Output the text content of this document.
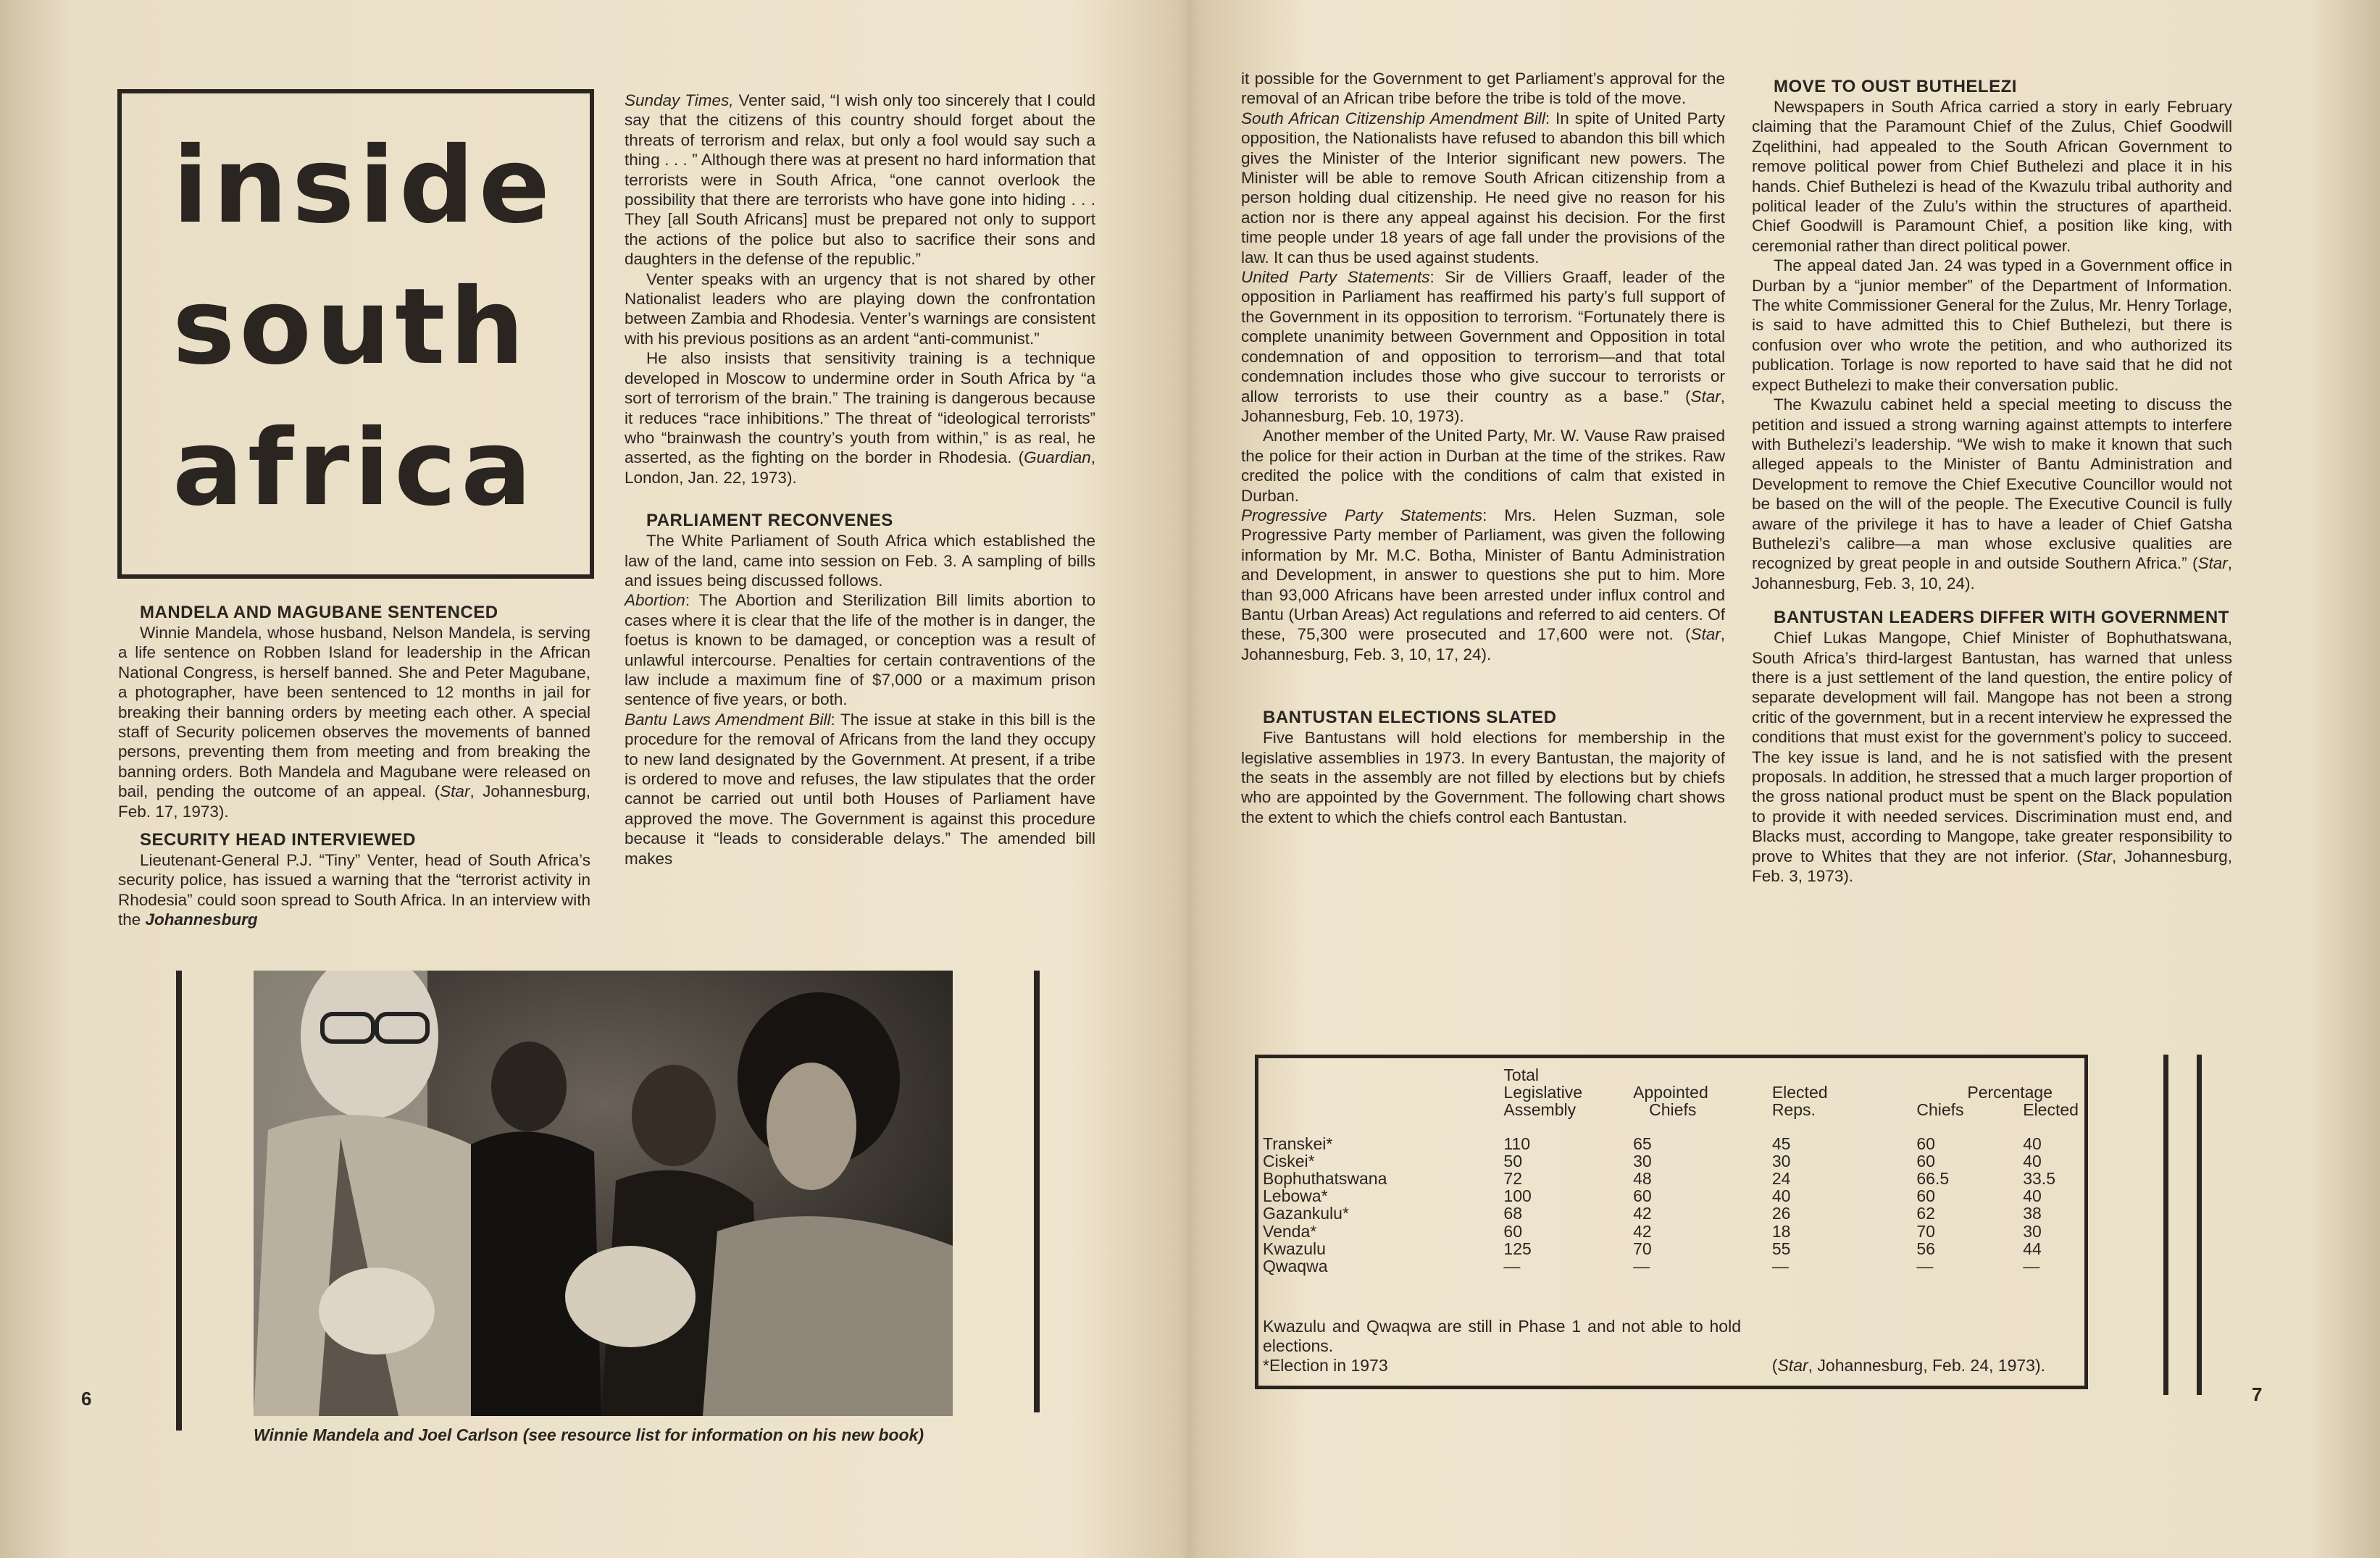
inside
south
africa

MANDELA AND MAGUBANE SENTENCED

Winnie Mandela, whose husband, Nelson Mandela, is serving a life sentence on Robben Island for leadership in the African National Congress, is herself banned. She and Peter Magubane, a photographer, have been sentenced to 12 months in jail for breaking their banning orders by meeting each other. A special staff of Security policemen observes the movements of banned persons, preventing them from meeting and from breaking the banning orders. Both Mandela and Magubane were released on bail, pending the outcome of an appeal. (Star, Johannesburg, Feb. 17, 1973).

SECURITY HEAD INTERVIEWED

Lieutenant-General P.J. “Tiny” Venter, head of South Africa’s security police, has issued a warning that the “terrorist activity in Rhodesia” could soon spread to South Africa. In an interview with the Johannesburg

Sunday Times, Venter said, “I wish only too sincerely that I could say that the citizens of this country should forget about the threats of terrorism and relax, but only a fool would say such a thing . . . ” Although there was at present no hard information that terrorists were in South Africa, “one cannot overlook the possibility that there are terrorists who have gone into hiding . . . They [all South Africans] must be prepared not only to support the actions of the police but also to sacrifice their sons and daughters in the defense of the republic.”

Venter speaks with an urgency that is not shared by other Nationalist leaders who are playing down the confrontation between Zambia and Rhodesia. Venter’s warnings are consistent with his previous positions as an ardent “anti-communist.”

He also insists that sensitivity training is a technique developed in Moscow to undermine order in South Africa by “a sort of terrorism of the brain.” The training is dangerous because it reduces “race inhibitions.” The threat of “ideological terrorists” who “brainwash the country’s youth from within,” is as real, he asserted, as the fighting on the border in Rhodesia. (Guardian, London, Jan. 22, 1973).

PARLIAMENT RECONVENES

The White Parliament of South Africa which established the law of the land, came into session on Feb. 3. A sampling of bills and issues being discussed follows.

Abortion: The Abortion and Sterilization Bill limits abortion to cases where it is clear that the life of the mother is in danger, the foetus is known to be damaged, or conception was a result of unlawful intercourse. Penalties for certain contraventions of the law include a maximum fine of $7,000 or a maximum prison sentence of five years, or both.

Bantu Laws Amendment Bill: The issue at stake in this bill is the procedure for the removal of Africans from the land they occupy to new land designated by the Government. At present, if a tribe is ordered to move and refuses, the law stipulates that the order cannot be carried out until both Houses of Parliament have approved the move. The Government is against this procedure because it “leads to considerable delays.” The amended bill makes

Winnie Mandela and Joel Carlson (see resource list for information on his new book)
6

it possible for the Government to get Parliament’s approval for the removal of an African tribe before the tribe is told of the move.

South African Citizenship Amendment Bill: In spite of United Party opposition, the Nationalists have refused to abandon this bill which gives the Minister of the Interior significant new powers. The Minister will be able to remove South African citizenship from a person holding dual citizenship. He need give no reason for his action nor is there any appeal against his decision. For the first time people under 18 years of age fall under the provisions of the law. It can thus be used against students.

United Party Statements: Sir de Villiers Graaff, leader of the opposition in Parliament has reaffirmed his party’s full support of the Government in its opposition to terrorism. “Fortunately there is complete unanimity between Government and Opposition in total condemnation of and opposition to terrorism—and that total condemnation includes those who give succour to terrorists or allow terrorists to use their country as a base.” (Star, Johannesburg, Feb. 10, 1973).

Another member of the United Party, Mr. W. Vause Raw praised the police for their action in Durban at the time of the strikes. Raw credited the police with the conditions of calm that existed in Durban.

Progressive Party Statements: Mrs. Helen Suzman, sole Progressive Party member of Parliament, was given the following information by Mr. M.C. Botha, Minister of Bantu Administration and Development, in answer to questions she put to him. More than 93,000 Africans have been arrested under influx control and Bantu (Urban Areas) Act regulations and referred to aid centers. Of these, 75,300 were prosecuted and 17,600 were not. (Star, Johannesburg, Feb. 3, 10, 17, 24).

BANTUSTAN ELECTIONS SLATED

Five Bantustans will hold elections for membership in the legislative assemblies in 1973. In every Bantustan, the majority of the seats in the assembly are not filled by elections but by chiefs who are appointed by the Government. The following chart shows the extent to which the chiefs control each Bantustan.

MOVE TO OUST BUTHELEZI

Newspapers in South Africa carried a story in early February claiming that the Paramount Chief of the Zulus, Chief Goodwill Zqelithini, had appealed to the South African Government to remove political power from Chief Buthelezi and place it in his hands. Chief Buthelezi is head of the Kwazulu tribal authority and political leader of the Zulu’s within the structures of apartheid. Chief Goodwill is Paramount Chief, a position like king, with ceremonial rather than direct political power.

The appeal dated Jan. 24 was typed in a Government office in Durban by a “junior member” of the Department of Information. The white Commissioner General for the Zulus, Mr. Henry Torlage, is said to have admitted this to Chief Buthelezi, but there is confusion over who wrote the petition, and who authorized its publication. Torlage is now reported to have said that he did not expect Buthelezi to make their conversation public.

The Kwazulu cabinet held a special meeting to discuss the petition and issued a strong warning against attempts to interfere with Buthelezi’s leadership. “We wish to make it known that such alleged appeals to the Minister of Bantu Administration and Development to remove the Chief Executive Councillor would not be based on the will of the people. The Executive Council is fully aware of the privilege it has to have a leader of Chief Gatsha Buthelezi’s calibre—a man whose exclusive qualities are recognized by great people in and outside Southern Africa.” (Star, Johannesburg, Feb. 3, 10, 24).

BANTUSTAN LEADERS DIFFER WITH GOVERNMENT

Chief Lukas Mangope, Chief Minister of Bophuthatswana, South Africa’s third-largest Bantustan, has warned that unless there is a just settlement of the land question, the entire policy of separate development will fail. Mangope has not been a strong critic of the government, but in a recent interview he expressed the conditions that must exist for the government’s policy to succeed. The key issue is land, and he is not satisfied with the present proposals. In addition, he stressed that a much larger proportion of the gross national product must be spent on the Black population to provide it with needed services. Discrimination must end, and Blacks must, according to Mangope, take greater responsibility to prove to Whites that they are not inferior. (Star, Johannesburg, Feb. 3, 1973).

	Total				
	Legislative	Appointed	Elected	Percentage	
	Assembly	Chiefs	Reps.	Chiefs	Elected

Transkei*	110	65	45	60	40
Ciskei*	50	30	30	60	40
Bophuthatswana	72	48	24	66.5	33.5
Lebowa*	100	60	40	60	40
Gazankulu*	68	42	26	62	38
Venda*	60	42	18	70	30
Kwazulu	125	70	55	56	44
Qwaqwa	—	—	—	—	—

Kwazulu and Qwaqwa are still in Phase 1 and not able to hold elections.

*Election in 1973	(Star, Johannesburg, Feb. 24, 1973).

7
